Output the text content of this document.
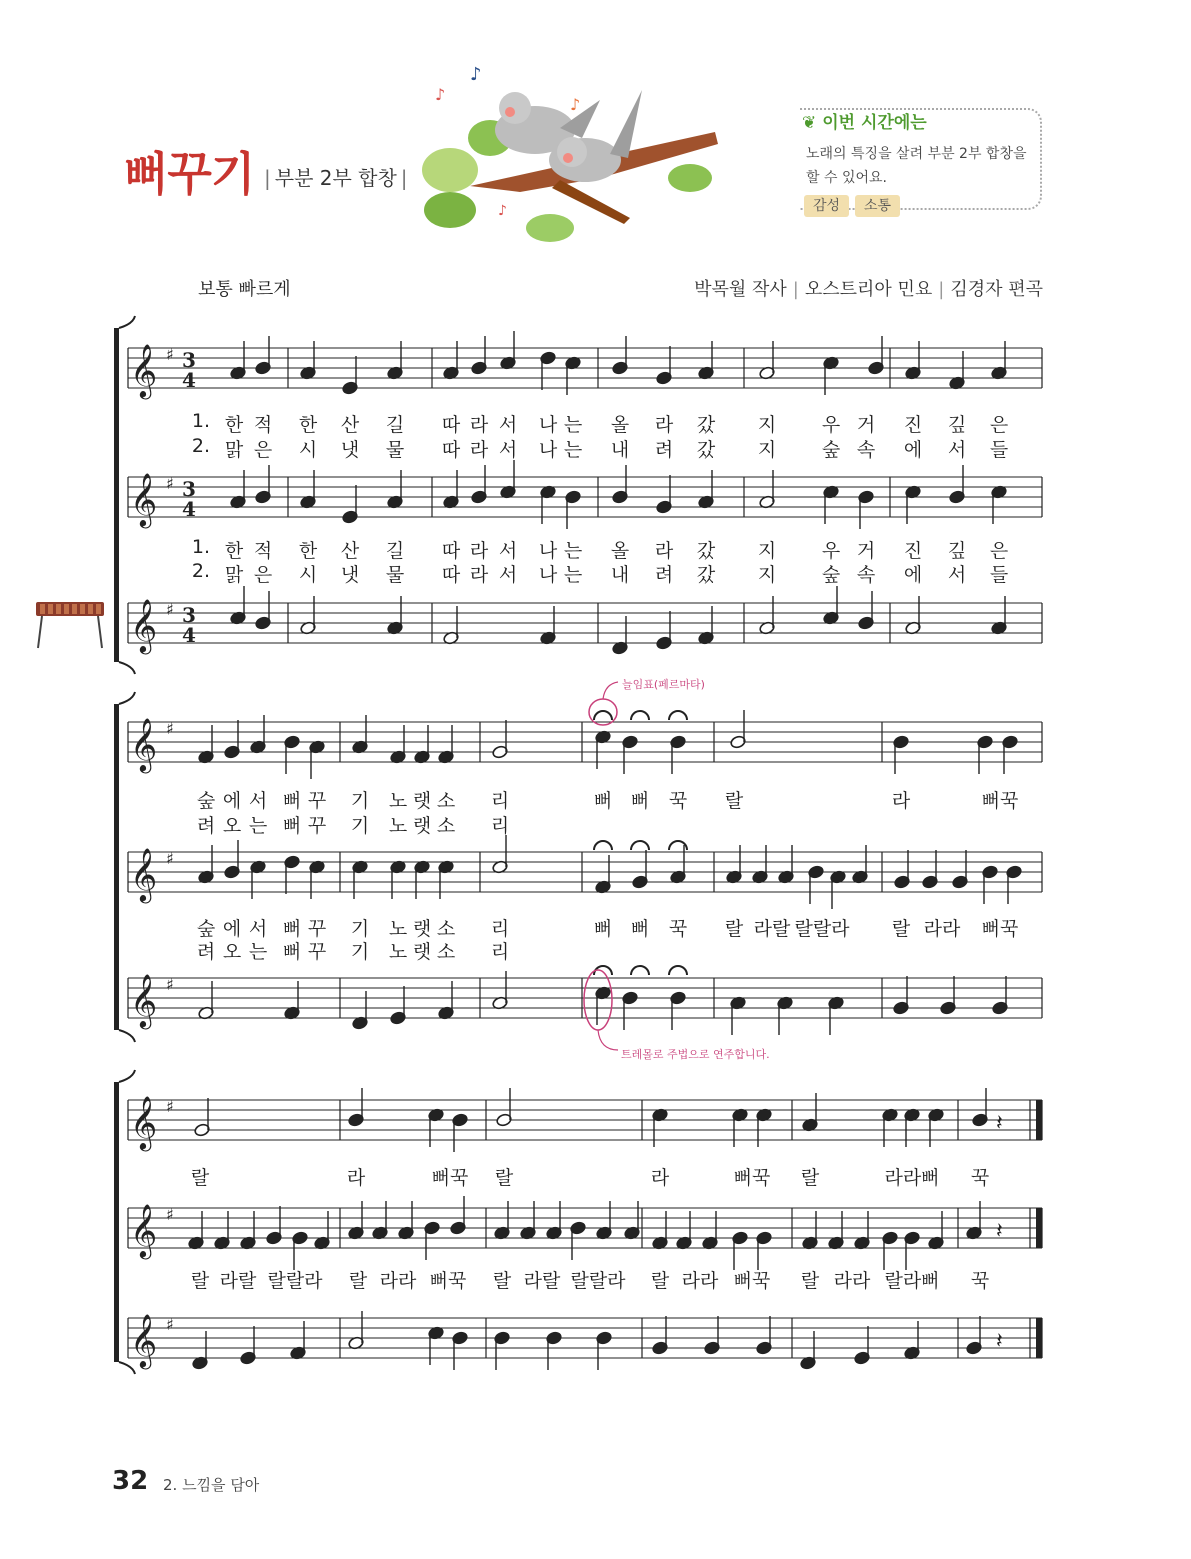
뻐꾸기 | 부분 2부 합창 |
♪
♪
♪
♪
❦ 이번 시간에는
노래의 특징을 살려 부분 2부 합창을 할 수 있어요.
감성	소통
보통 빠르게	박목월 작사 | 오스트리아 민요 | 김경자 편곡
𝄞 ♯ 3
4
𝄞 ♯ 3
4
𝄞 ♯ 3
4
𝄞 ♯
𝄞 ♯
𝄞 ♯
𝄞 ♯
𝄞 ♯
𝄞 ♯
𝄽
𝄽
𝄽
늘임표(페르마타)
트레몰로 주법으로 연주합니다.
1. 한 적 한 산 길 따 라 서 나 는 올 라 갔 지 우 거 진 깊 은
2. 맑 은 시 냇 물 따 라 서 나 는 내 려 갔 지 숲 속 에 서 들
1. 한 적 한 산 길 따 라 서 나 는 올 라 갔 지 우 거 진 깊 은
2. 맑 은 시 냇 물 따 라 서 나 는 내 려 갔 지 숲 속 에 서 들
숲 에 서 뻐 꾸 기 노 랫 소 리	뻐 뻐 꾹 랄	라	뻐꾹
려 오 는 뻐 꾸 기 노 랫 소 리
숲 에 서 뻐 꾸 기 노 랫 소 리	뻐 뻐 꾹 랄 라랄 랄랄라 랄 라라 뻐꾹
려 오 는 뻐 꾸 기 노 랫 소 리
랄	라	뻐꾹 랄	라	뻐꾹 랄	라라뻐 꾹
랄 라랄 랄랄라 랄 라라 뻐꾹 랄 라랄 랄랄라 랄 라라 뻐꾹 랄 라라 랄라뻐 꾹
32 2. 느낌을 담아
